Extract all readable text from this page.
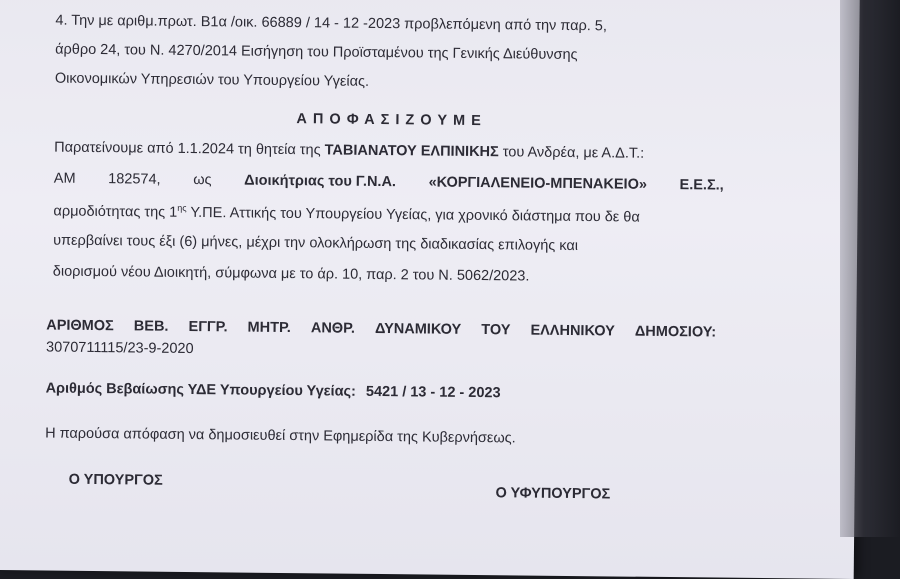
​
4. Την με αριθμ.πρωτ. Β1α /οικ. 66889 / 14 - 12 -2023 προβλεπόμενη από την παρ. 5,
άρθρο 24, του Ν. 4270/2014 Εισήγηση του Προϊσταμένου της Γενικής Διεύθυνσης
Οικονομικών Υπηρεσιών του Υπουργείου Υγείας.
Α Π Ο Φ Α Σ Ι Ζ Ο Υ Μ Ε
Παρατείνουμε από 1.1.2024 τη θητεία της ΤΑΒΙΑΝΑΤΟΥ ΕΛΠΙΝΙΚΗΣ του Ανδρέα, με Α.Δ.Τ.:
ΑΜ 182574, ως Διοικήτριας του Γ.Ν.Α. «ΚΟΡΓΙΑΛΕΝΕΙΟ-ΜΠΕΝΑΚΕΙΟ» Ε.Ε.Σ.,
αρμοδιότητας της $1^{\eta\varsigma}$ Υ.ΠΕ. Αττικής του Υπουργείου Υγείας, για χρονικό διάστημα που δε θα
υπερβαίνει τους έξι (6) μήνες, μέχρι την ολοκλήρωση της διαδικασίας επιλογής και
διορισμού νέου Διοικητή, σύμφωνα με το άρ. 10, παρ. 2 του Ν. 5062/2023.
ΑΡΙΘΜΟΣ ΒΕΒ. ΕΓΓΡ. ΜΗΤΡ. ΑΝΘΡ. ΔΥΝΑΜΙΚΟΥ ΤΟΥ ΕΛΛΗΝΙΚΟΥ ΔΗΜΟΣΙΟΥ:
3070711115/23-9-2020
Αριθμός Βεβαίωσης ΥΔΕ Υπουργείου Υγείας: 5421 / 13 - 12 - 2023
Η παρούσα απόφαση να δημοσιευθεί στην Εφημερίδα της Κυβερνήσεως.
Ο ΥΠΟΥΡΓΟΣ
Ο ΥΦΥΠΟΥΡΓΟΣ
